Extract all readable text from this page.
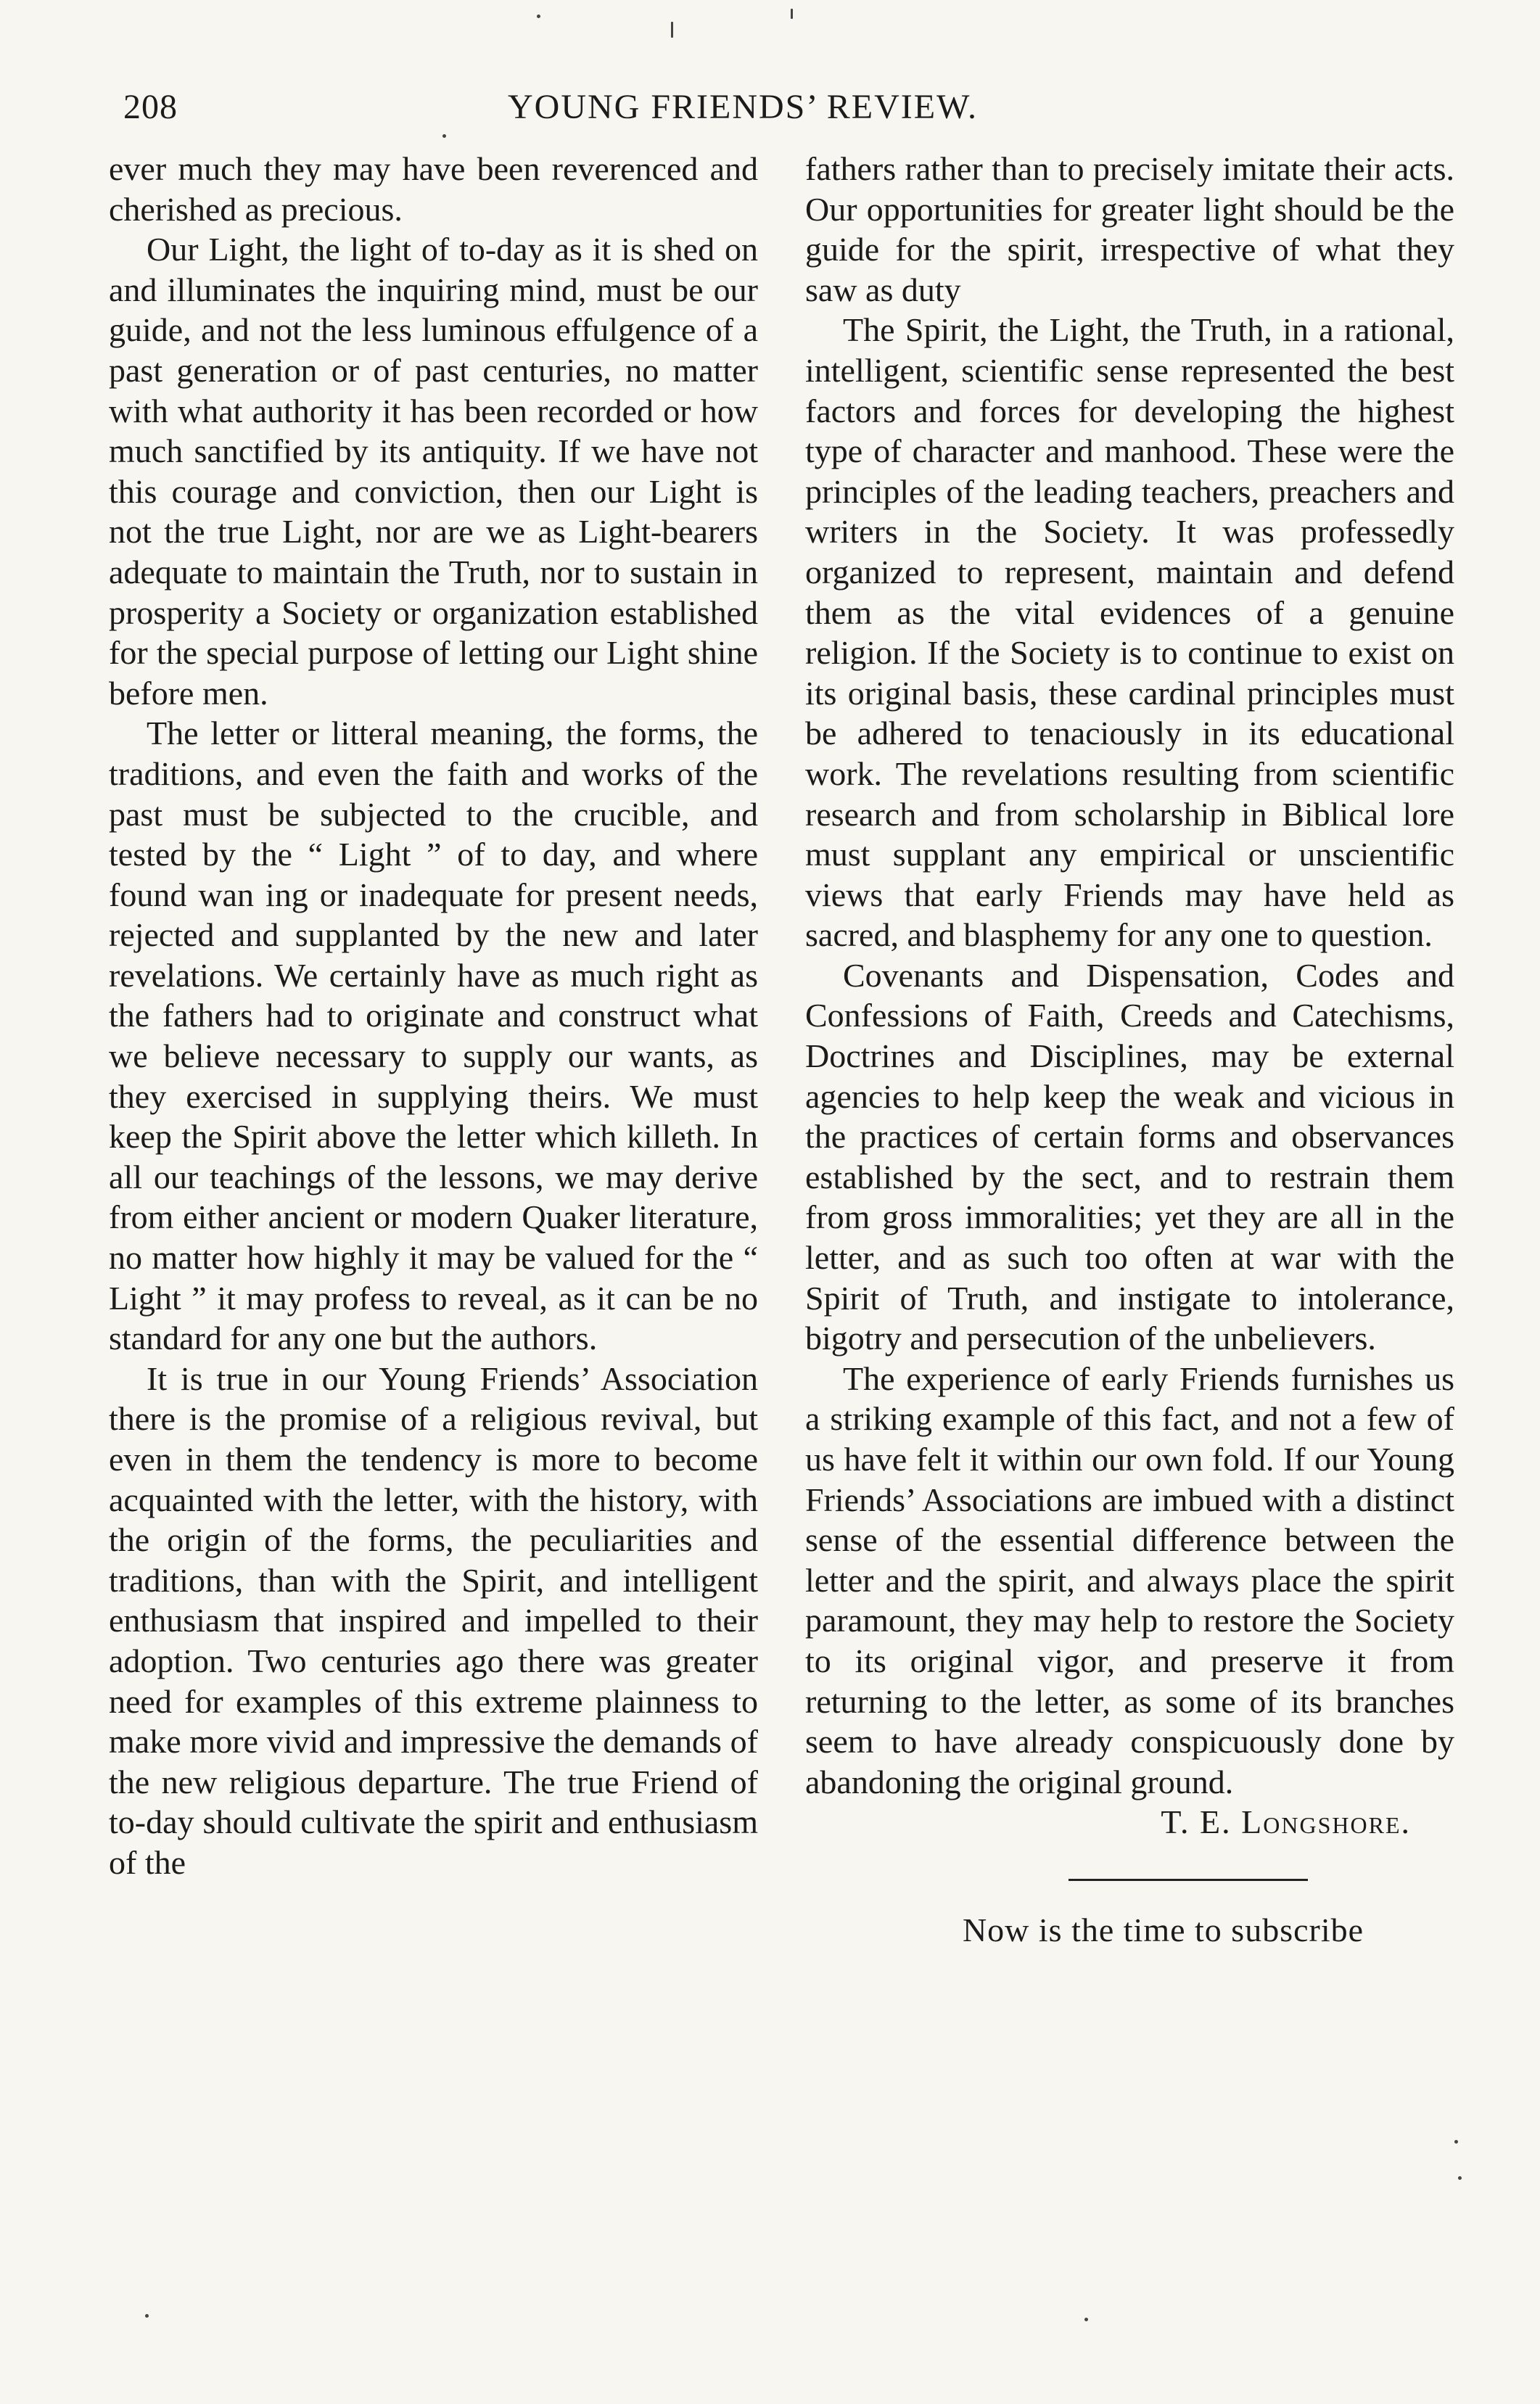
208	YOUNG FRIENDS’ REVIEW.

ever much they may have been reverenced and cherished as precious.

Our Light, the light of to-day as it is shed on and illuminates the inquiring mind, must be our guide, and not the less luminous effulgence of a past generation or of past centuries, no matter with what authority it has been recorded or how much sanctified by its antiquity. If we have not this courage and conviction, then our Light is not the true Light, nor are we as Light-bearers adequate to maintain the Truth, nor to sustain in prosperity a Society or organization established for the special purpose of letting our Light shine before men.

The letter or litteral meaning, the forms, the traditions, and even the faith and works of the past must be subjected to the crucible, and tested by the “ Light ” of to day, and where found wan ing or inadequate for present needs, rejected and supplanted by the new and later revelations. We certainly have as much right as the fathers had to originate and construct what we believe necessary to supply our wants, as they exercised in supplying theirs. We must keep the Spirit above the letter which killeth. In all our teachings of the lessons, we may derive from either ancient or modern Quaker literature, no matter how highly it may be valued for the “ Light ” it may profess to reveal, as it can be no standard for any one but the authors.

It is true in our Young Friends’ Association there is the promise of a religious revival, but even in them the tendency is more to become acquainted with the letter, with the history, with the origin of the forms, the peculiarities and traditions, than with the Spirit, and intelligent enthusiasm that inspired and impelled to their adoption. Two centuries ago there was greater need for examples of this extreme plainness to make more vivid and impressive the demands of the new religious departure. The true Friend of to-day should cultivate the spirit and enthusiasm of the

fathers rather than to precisely imitate their acts. Our opportunities for greater light should be the guide for the spirit, irrespective of what they saw as duty

The Spirit, the Light, the Truth, in a rational, intelligent, scientific sense represented the best factors and forces for developing the highest type of character and manhood. These were the principles of the leading teachers, preachers and writers in the Society. It was professedly organized to represent, maintain and defend them as the vital evidences of a genuine religion. If the Society is to continue to exist on its original basis, these cardinal principles must be adhered to tenaciously in its educational work. The revelations resulting from scientific research and from scholarship in Biblical lore must supplant any empirical or unscientific views that early Friends may have held as sacred, and blasphemy for any one to question.

Covenants and Dispensation, Codes and Confessions of Faith, Creeds and Catechisms, Doctrines and Disciplines, may be external agencies to help keep the weak and vicious in the practices of certain forms and observances established by the sect, and to restrain them from gross immoralities; yet they are all in the letter, and as such too often at war with the Spirit of Truth, and instigate to intolerance, bigotry and persecution of the unbelievers.

The experience of early Friends furnishes us a striking example of this fact, and not a few of us have felt it within our own fold. If our Young Friends’ Associations are imbued with a distinct sense of the essential difference between the letter and the spirit, and always place the spirit paramount, they may help to restore the Society to its original vigor, and preserve it from returning to the letter, as some of its branches seem to have already conspicuously done by abandoning the original ground.

T. E. Longshore.

Now is the time to subscribe
